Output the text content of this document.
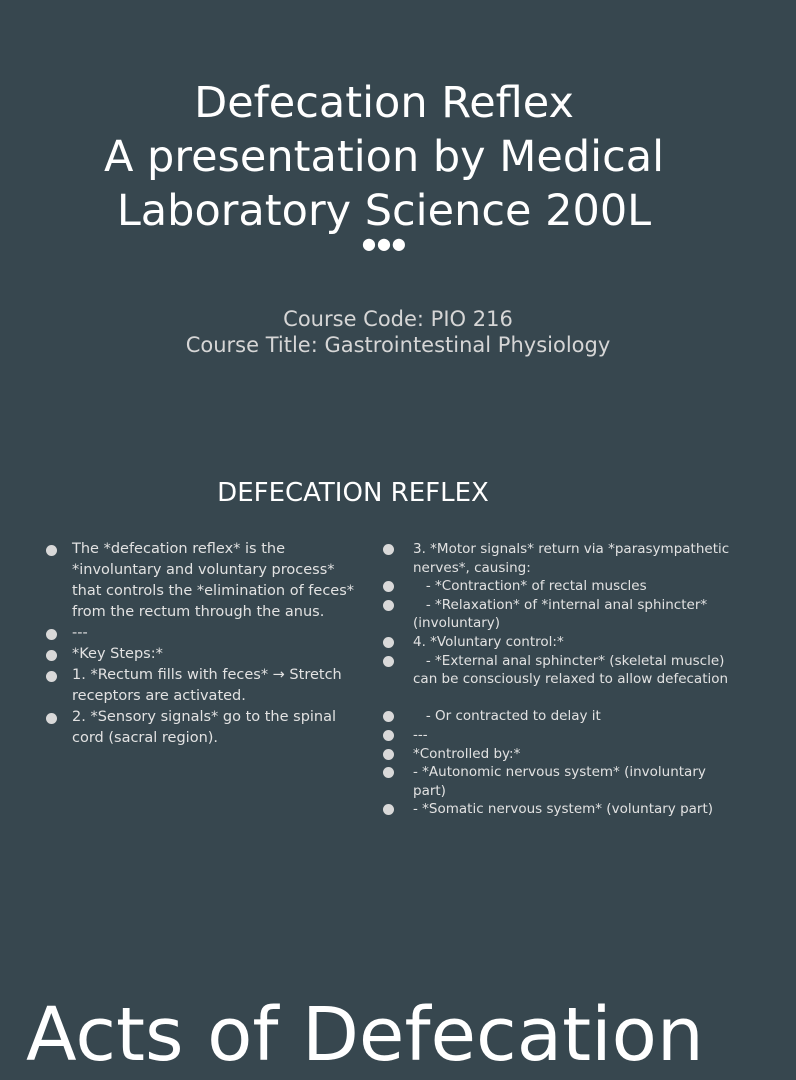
Defecation Reflex
A presentation by Medical
Laboratory Science 200L
●●●
Course Code: PIO 216
Course Title: Gastrointestinal Physiology
DEFECATION REFLEX
The *defecation reflex* is the *involuntary and voluntary process* that controls the *elimination of feces* from the rectum through the anus.
---
*Key Steps:*
1. *Rectum fills with feces* → Stretch receptors are activated.
2. *Sensory signals* go to the spinal cord (sacral region).
3. *Motor signals* return via *parasympathetic nerves*, causing:
- *Contraction* of rectal muscles
- *Relaxation* of *internal anal sphincter* (involuntary)
4. *Voluntary control:*
- *External anal sphincter* (skeletal muscle) can be consciously relaxed to allow defecation
- Or contracted to delay it
---
*Controlled by:*
- *Autonomic nervous system* (involuntary part)
- *Somatic nervous system* (voluntary part)
Acts of Defecation
